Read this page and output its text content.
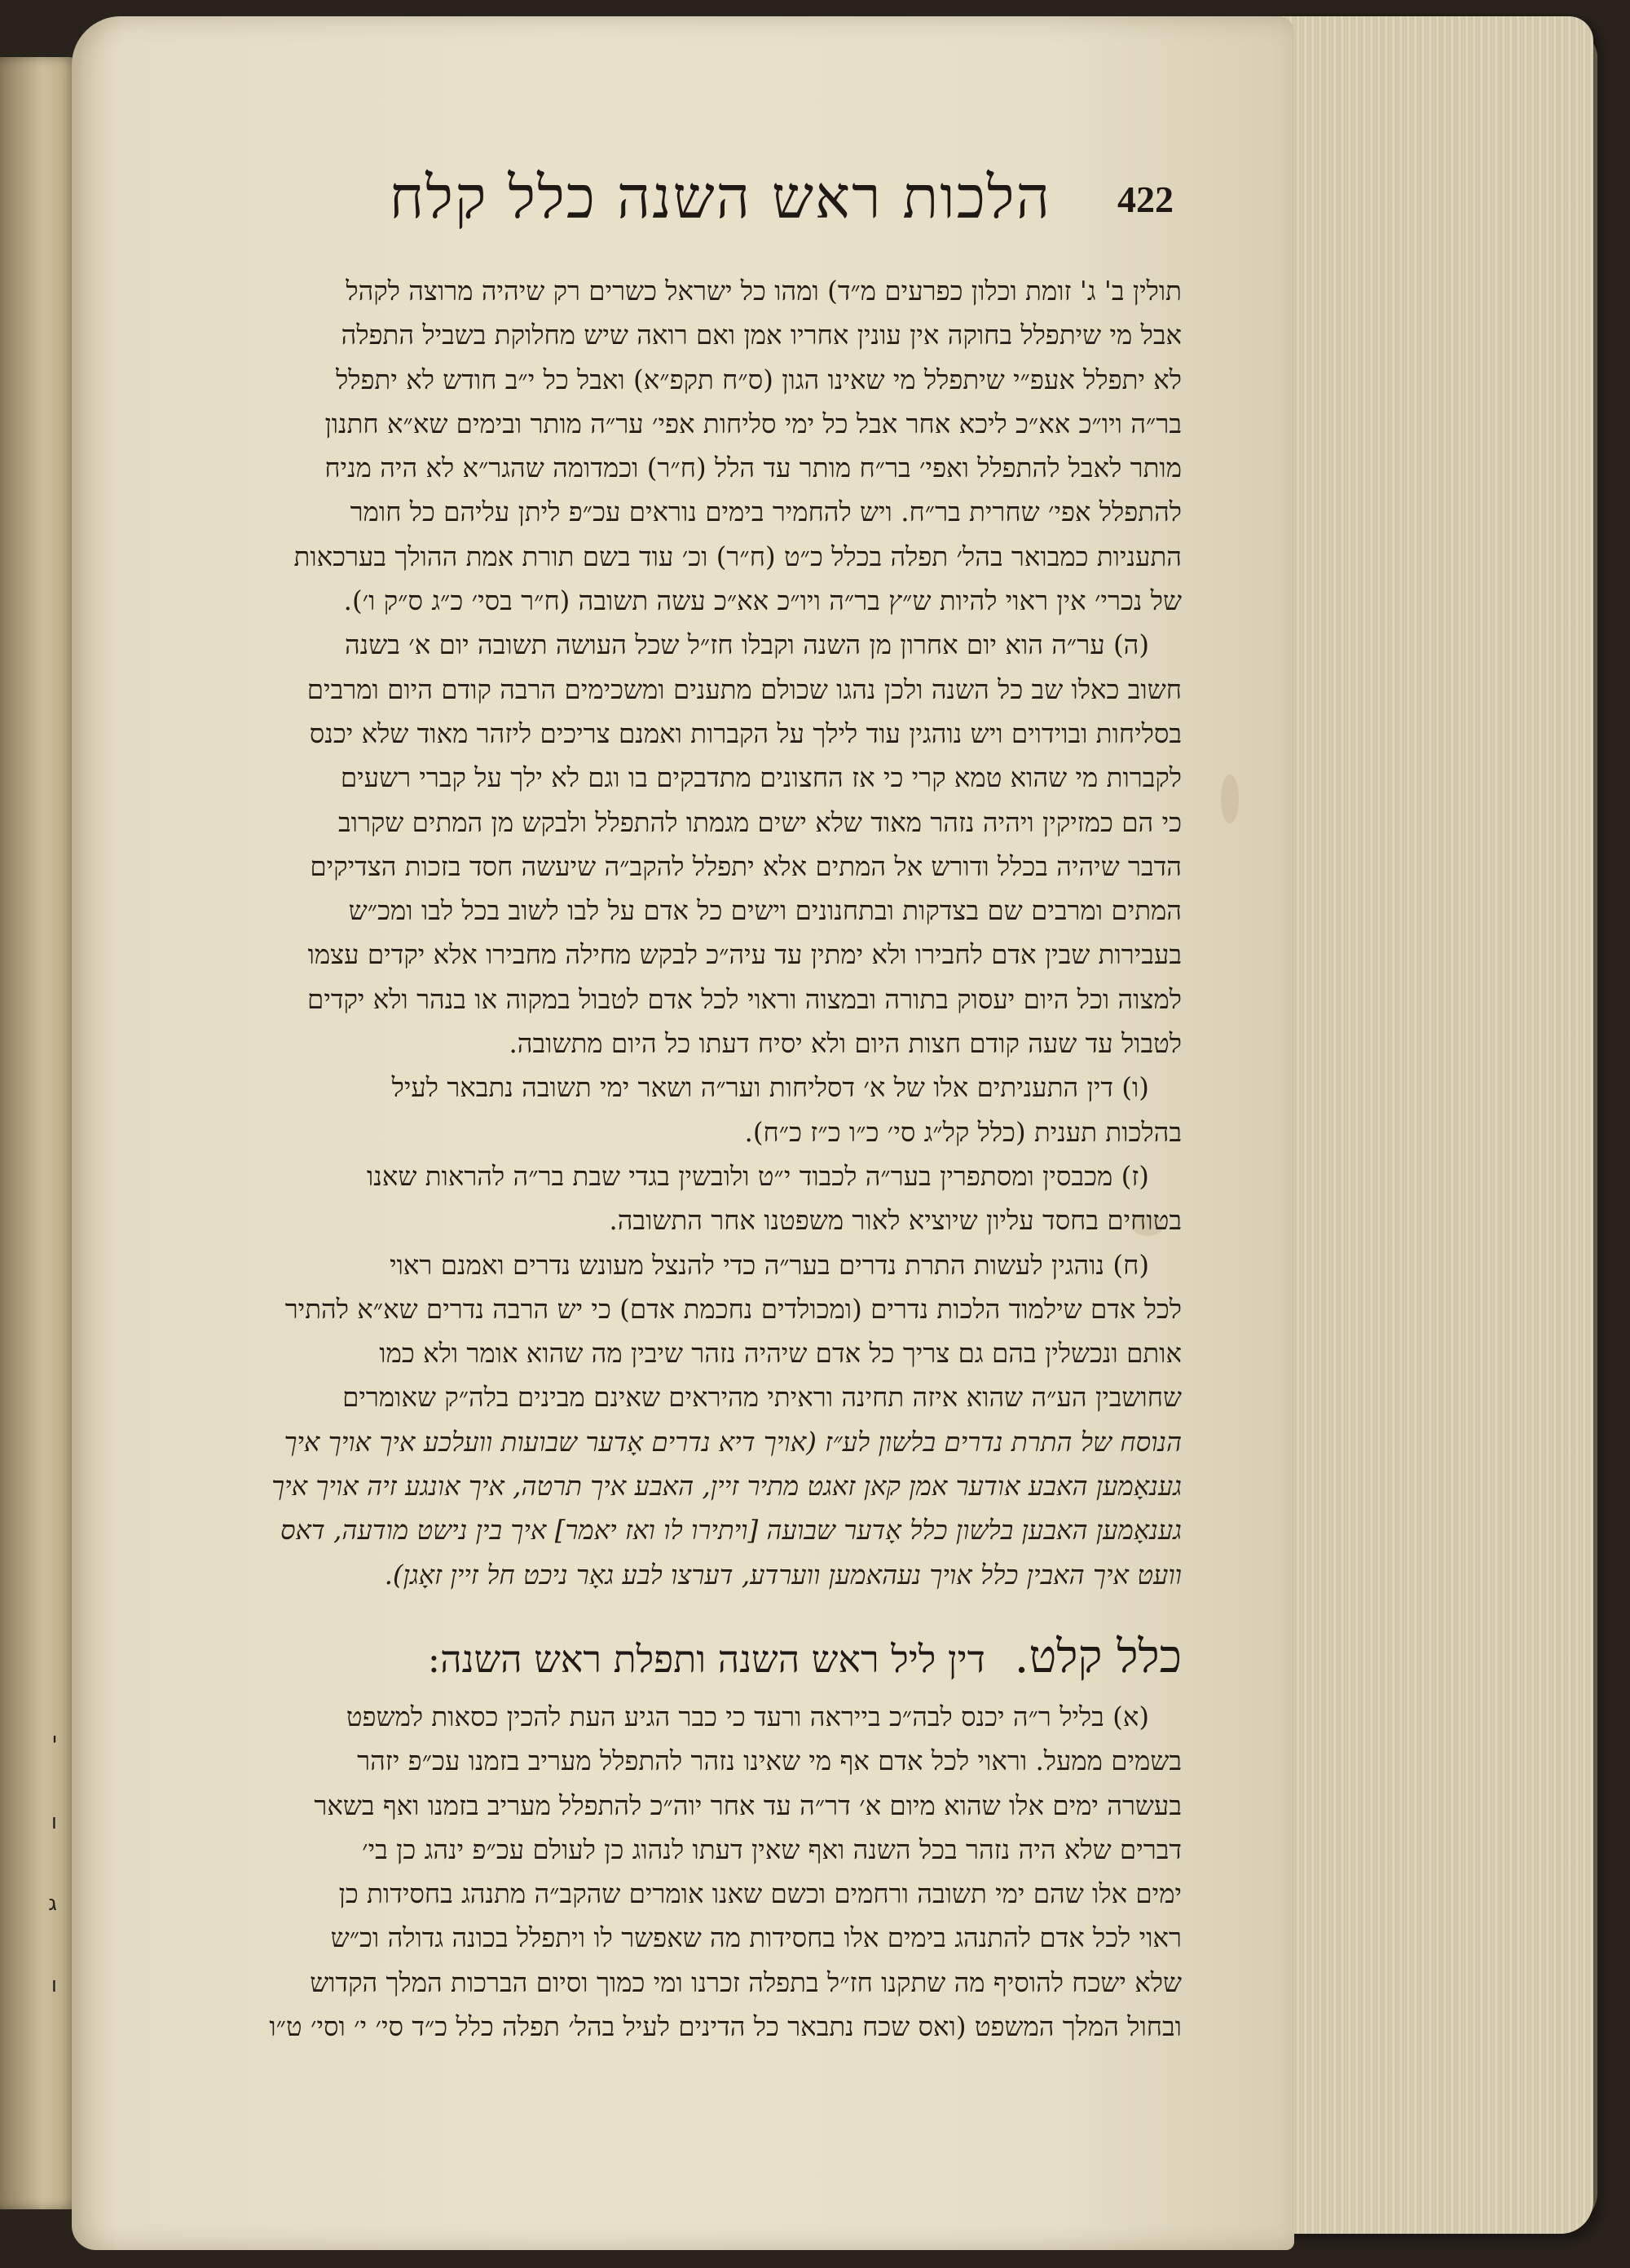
י
ו
ג
ו
הלכות ראש השנה כלל קלח 422

תולין ב' ג' זומת וכלון כפרעים מ״ד) ומהו כל ישראל כשרים רק שיהיה מרוצה לקהל

אבל מי שיתפלל בחוקה אין עונין אחריו אמן ואם רואה שיש מחלוקת בשביל התפלה

לא יתפלל אעפ״י שיתפלל מי שאינו הגון (ס״ח תקפ״א) ואבל כל י״ב חודש לא יתפלל

בר״ה ויו״כ אא״כ ליכא אחר אבל כל ימי סליחות אפי׳ ער״ה מותר ובימים שא״א חתנון

מותר לאבל להתפלל ואפי׳ בר״ח מותר עד הלל (ח״ר) וכמדומה שהגר״א לא היה מניח

להתפלל אפי׳ שחרית בר״ח. ויש להחמיר בימים נוראים עכ״פ ליתן עליהם כל חומר

התעניות כמבואר בהל׳ תפלה בכלל כ״ט (ח״ר) וכ׳ עוד בשם תורת אמת ההולך בערכאות

של נכרי׳ אין ראוי להיות ש״ץ בר״ה ויו״כ אא״כ עשה תשובה (ח״ר בסי׳ כ״ג ס״ק ו׳).

(ה) ער״ה הוא יום אחרון מן השנה וקבלו חז״ל שכל העושה תשובה יום א׳ בשנה

חשוב כאלו שב כל השנה ולכן נהגו שכולם מתענים ומשכימים הרבה קודם היום ומרבים

בסליחות ובוידוים ויש נוהגין עוד לילך על הקברות ואמנם צריכים ליזהר מאוד שלא יכנס

לקברות מי שהוא טמא קרי כי אז החצונים מתדבקים בו וגם לא ילך על קברי רשעים

כי הם כמזיקין ויהיה נזהר מאוד שלא ישים מגמתו להתפלל ולבקש מן המתים שקרוב

הדבר שיהיה בכלל ודורש אל המתים אלא יתפלל להקב״ה שיעשה חסד בזכות הצדיקים

המתים ומרבים שם בצדקות ובתחנונים וישים כל אדם על לבו לשוב בכל לבו ומכ״ש

בעבירות שבין אדם לחבירו ולא ימתין עד עיה״כ לבקש מחילה מחבירו אלא יקדים עצמו

למצוה וכל היום יעסוק בתורה ובמצוה וראוי לכל אדם לטבול במקוה או בנהר ולא יקדים

לטבול עד שעה קודם חצות היום ולא יסיח דעתו כל היום מתשובה.

(ו) דין התעניתים אלו של א׳ דסליחות וער״ה ושאר ימי תשובה נתבאר לעיל

בהלכות תענית (כלל קל״ג סי׳ כ״ו כ״ז כ״ח).

(ז) מכבסין ומסתפרין בער״ה לכבוד י״ט ולובשין בגדי שבת בר״ה להראות שאנו

בטוחים בחסד עליון שיוציא לאור משפטנו אחר התשובה.

(ח) נוהגין לעשות התרת נדרים בער״ה כדי להנצל מעונש נדרים ואמנם ראוי

לכל אדם שילמוד הלכות נדרים (ומכולדים נחכמת אדם) כי יש הרבה נדרים שא״א להתיר

אותם ונכשלין בהם גם צריך כל אדם שיהיה נזהר שיבין מה שהוא אומר ולא כמו

שחושבין הע״ה שהוא איזה תחינה וראיתי מהיראים שאינם מבינים בלה״ק שאומרים

הנוסח של התרת נדרים בלשון לע״ז (אויך דיא נדרים אָדער שבועות וועלכע איך אויך איך

גענאָמען האבע אודער אמן קאן זאגט מתיר זיין, האבע איך תרטה, איך אונגע זיה אויך איך

גענאָמען האבען בלשון כלל אָדער שבועה [ויתירו לו ואז יאמר] איך בין נישט מודעה, דאס

וועט איך האבין כלל אויך נעהאמען ווערדע, דערצו לבע גאָר ניכט חל זיין זאָגן).

כלל קלט. דין ליל ראש השנה ותפלת ראש השנה:

(א) בליל ר״ה יכנס לבה״כ בייראה ורעד כי כבר הגיע העת להכין כסאות למשפט

בשמים ממעל. וראוי לכל אדם אף מי שאינו נזהר להתפלל מעריב בזמנו עכ״פ יזהר

בעשרה ימים אלו שהוא מיום א׳ דר״ה עד אחר יוה״כ להתפלל מעריב בזמנו ואף בשאר

דברים שלא היה נזהר בכל השנה ואף שאין דעתו לנהוג כן לעולם עכ״פ ינהג כן בי׳

ימים אלו שהם ימי תשובה ורחמים וכשם שאנו אומרים שהקב״ה מתנהג בחסידות כן

ראוי לכל אדם להתנהג בימים אלו בחסידות מה שאפשר לו ויתפלל בכונה גדולה וכ״ש

שלא ישכח להוסיף מה שתקנו חז״ל בתפלה זכרנו ומי כמוך וסיום הברכות המלך הקדוש

ובחול המלך המשפט (ואס שכח נתבאר כל הדינים לעיל בהל׳ תפלה כלל כ״ד סי׳ י׳ וסי׳ ט״ו
